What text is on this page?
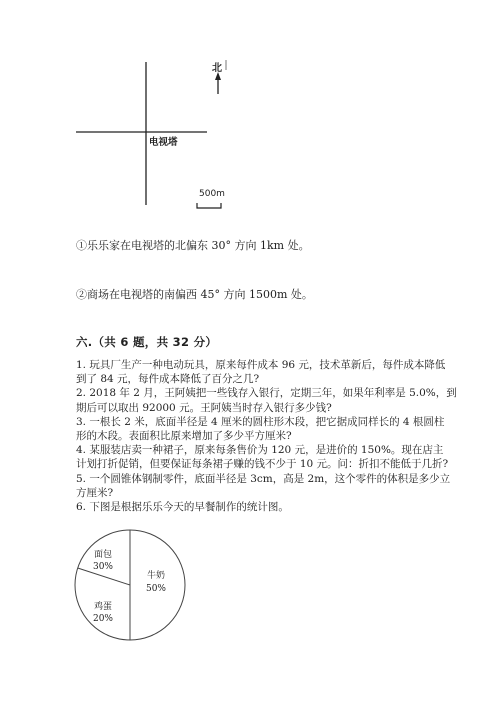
北
电视塔
500m
①乐乐家在电视塔的北偏东 30° 方向 1km 处。
②商场在电视塔的南偏西 45° 方向 1500m 处。
六.（共 6 题，共 32 分）

1. 玩具厂生产一种电动玩具，原来每件成本 96 元，技术革新后，每件成本降低

到了 84 元，每件成本降低了百分之几?

2. 2018 年 2 月，王阿姨把一些钱存入银行，定期三年，如果年利率是 5.0%，到

期后可以取出 92000 元。王阿姨当时存入银行多少钱?

3. 一根长 2 米，底面半径是 4 厘米的圆柱形木段，把它据成同样长的 4 根圆柱

形的木段。表面积比原来增加了多少平方厘米?

4. 某服装店卖一种裙子，原来每条售价为 120 元，是进价的 150%。现在店主

计划打折促销，但要保证每条裙子赚的钱不少于 10 元。问：折扣不能低于几折?

5. 一个圆锥体钢制零件，底面半径是 3cm，高是 2m，这个零件的体积是多少立

方厘米?

6. 下图是根据乐乐今天的早餐制作的统计图。

牛奶
50%
面包
30%
鸡蛋
20%
